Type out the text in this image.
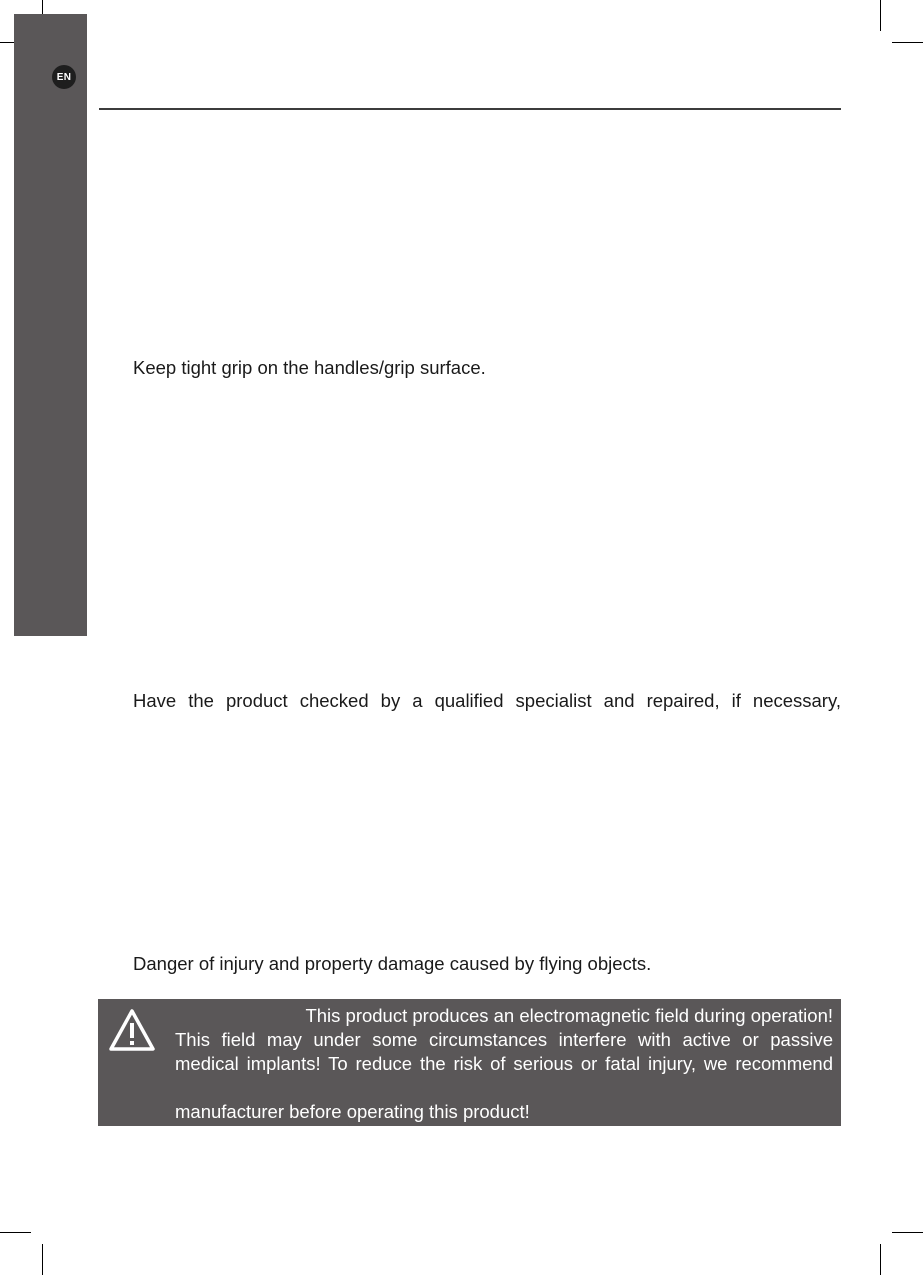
EN
Keep tight grip on the handles/grip surface.
Have the product checked by a qualified specialist and repaired, if necessary,
Danger of injury and property damage caused by flying objects.
This product produces an electromagnetic field during operation!
This field may under some circumstances interfere with active or passive
medical implants! To reduce the risk of serious or fatal injury, we recommend
manufacturer before operating this product!
